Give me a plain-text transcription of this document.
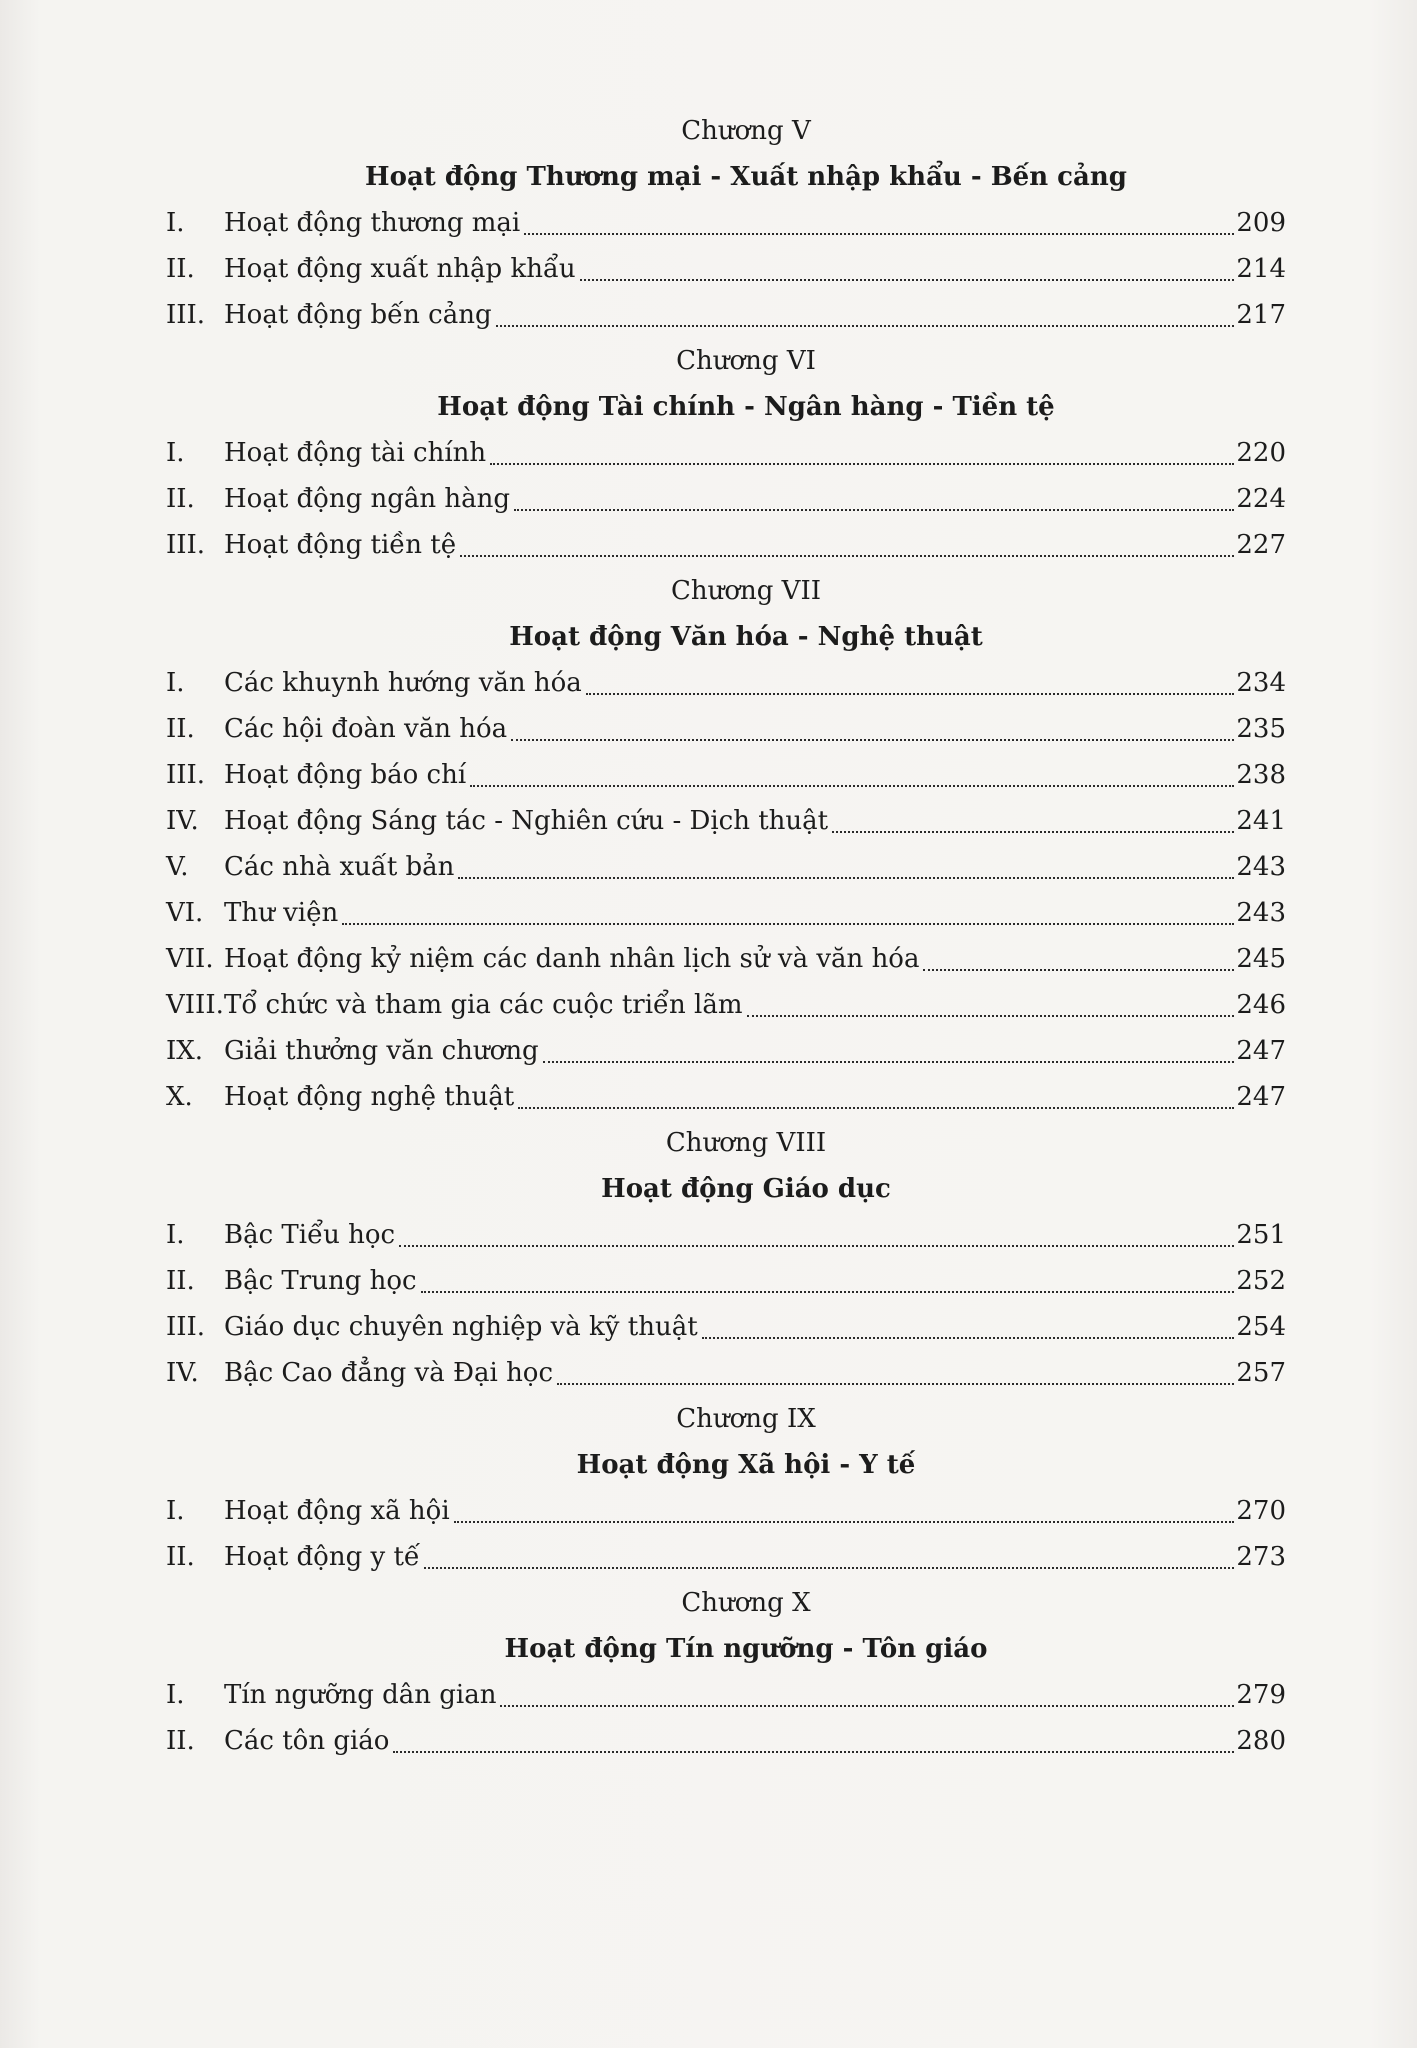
Chương V
Hoạt động Thương mại - Xuất nhập khẩu - Bến cảng
I.	Hoạt động thương mại	209
II.	Hoạt động xuất nhập khẩu	214
III. Hoạt động bến cảng	217
Chương VI
Hoạt động Tài chính - Ngân hàng - Tiền tệ
I.	Hoạt động tài chính	220
II.	Hoạt động ngân hàng	224
III. Hoạt động tiền tệ	227
Chương VII
Hoạt động Văn hóa - Nghệ thuật
I.	Các khuynh hướng văn hóa	234
II.	Các hội đoàn văn hóa	235
III. Hoạt động báo chí	238
IV. Hoạt động Sáng tác - Nghiên cứu - Dịch thuật	241
V.	Các nhà xuất bản	243
VI. Thư viện	243
VII. Hoạt động kỷ niệm các danh nhân lịch sử và văn hóa	245
VIII. Tổ chức và tham gia các cuộc triển lãm	246
IX. Giải thưởng văn chương	247
X.	Hoạt động nghệ thuật	247
Chương VIII
Hoạt động Giáo dục
I.	Bậc Tiểu học	251
II.	Bậc Trung học	252
III. Giáo dục chuyên nghiệp và kỹ thuật	254
IV. Bậc Cao đẳng và Đại học	257
Chương IX
Hoạt động Xã hội - Y tế
I.	Hoạt động xã hội	270
II.	Hoạt động y tế	273
Chương X
Hoạt động Tín ngưỡng - Tôn giáo
I.	Tín ngưỡng dân gian	279
II.	Các tôn giáo	280
